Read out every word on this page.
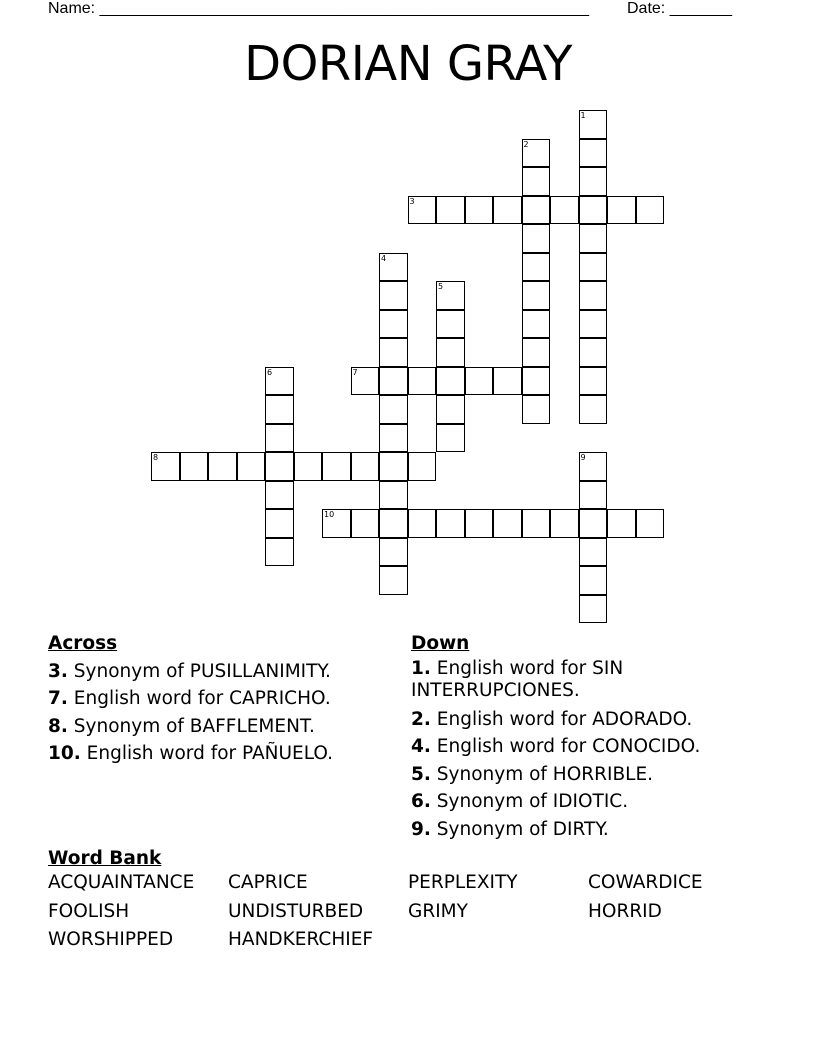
Name: _______________________________________________________ Date: _______
DORIAN GRAY
1
2
3
4
5
6	7
8	9
10
Across
3. Synonym of PUSILLANIMITY.
7. English word for CAPRICHO.
8. Synonym of BAFFLEMENT.
10. English word for PAÑUELO.
Down
1. English word for SIN INTERRUPCIONES.
2. English word for ADORADO.
4. English word for CONOCIDO.
5. Synonym of HORRIBLE.
6. Synonym of IDIOTIC.
9. Synonym of DIRTY.
Word Bank
ACQUAINTANCE CAPRICE	PERPLEXITY	COWARDICE
FOOLISH	UNDISTURBED GRIMY	HORRID
WORSHIPPED	HANDKERCHIEF
